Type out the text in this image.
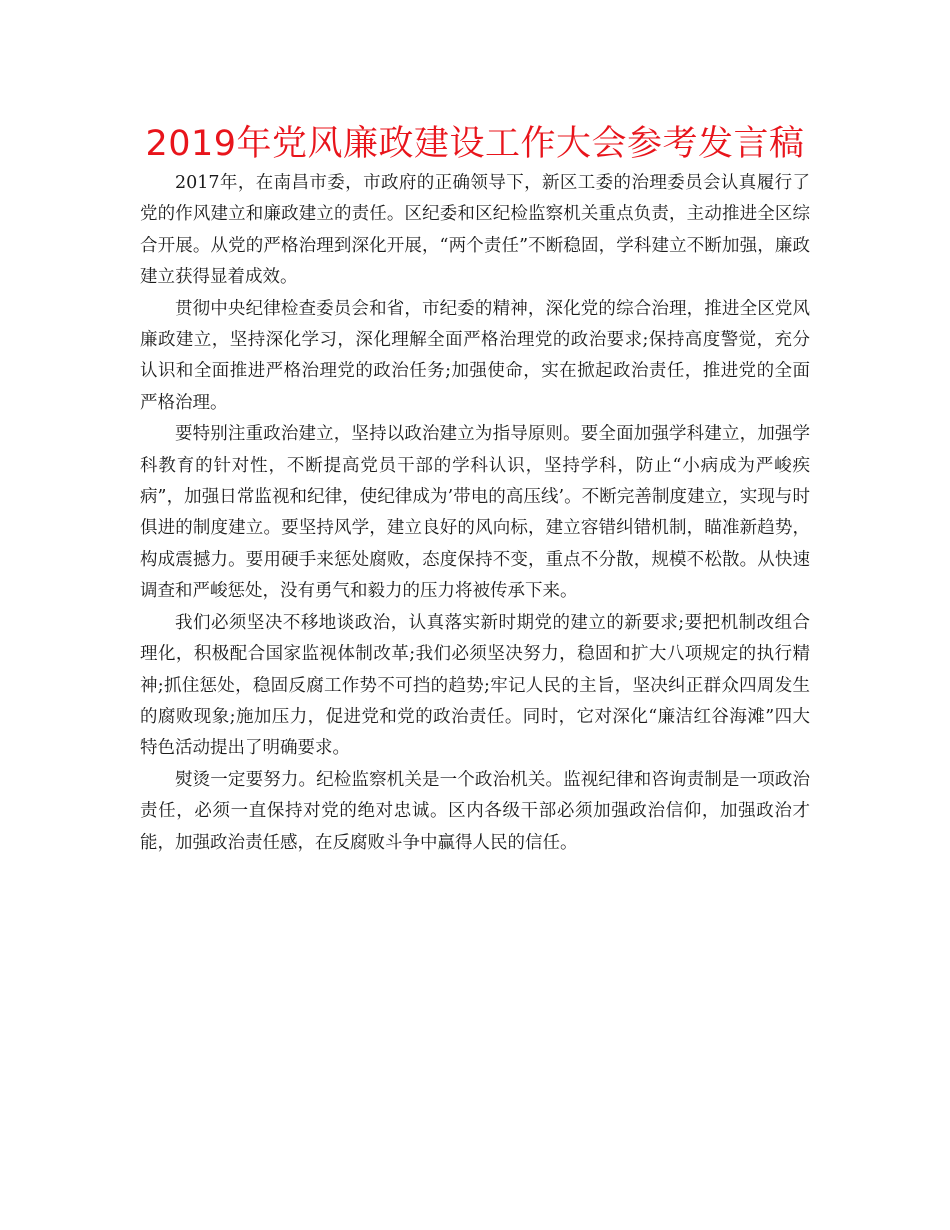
2019年党风廉政建设工作大会参考发言稿

2017年，在南昌市委，市政府的正确领导下，新区工委的治理委员会认真履行了党的作风建立和廉政建立的责任。区纪委和区纪检监察机关重点负责，主动推进全区综合开展。从党的严格治理到深化开展，“两个责任”不断稳固，学科建立不断加强，廉政建立获得显着成效。

贯彻中央纪律检查委员会和省，市纪委的精神，深化党的综合治理，推进全区党风廉政建立，坚持深化学习，深化理解全面严格治理党的政治要求;保持高度警觉，充分认识和全面推进严格治理党的政治任务;加强使命，实在掀起政治责任，推进党的全面严格治理。

要特别注重政治建立，坚持以政治建立为指导原则。要全面加强学科建立，加强学科教育的针对性，不断提高党员干部的学科认识，坚持学科，防止“小病成为严峻疾病”，加强日常监视和纪律，使纪律成为’带电的高压线’。不断完善制度建立，实现与时俱进的制度建立。要坚持风学，建立良好的风向标，建立容错纠错机制，瞄准新趋势，构成震撼力。要用硬手来惩处腐败，态度保持不变，重点不分散，规模不松散。从快速调查和严峻惩处，没有勇气和毅力的压力将被传承下来。

我们必须坚决不移地谈政治，认真落实新时期党的建立的新要求;要把机制改组合理化，积极配合国家监视体制改革;我们必须坚决努力，稳固和扩大八项规定的执行精神;抓住惩处，稳固反腐工作势不可挡的趋势;牢记人民的主旨，坚决纠正群众四周发生的腐败现象;施加压力，促进党和党的政治责任。同时，它对深化“廉洁红谷海滩”四大特色活动提出了明确要求。

熨烫一定要努力。纪检监察机关是一个政治机关。监视纪律和咨询责制是一项政治责任，必须一直保持对党的绝对忠诚。区内各级干部必须加强政治信仰，加强政治才能，加强政治责任感，在反腐败斗争中赢得人民的信任。
